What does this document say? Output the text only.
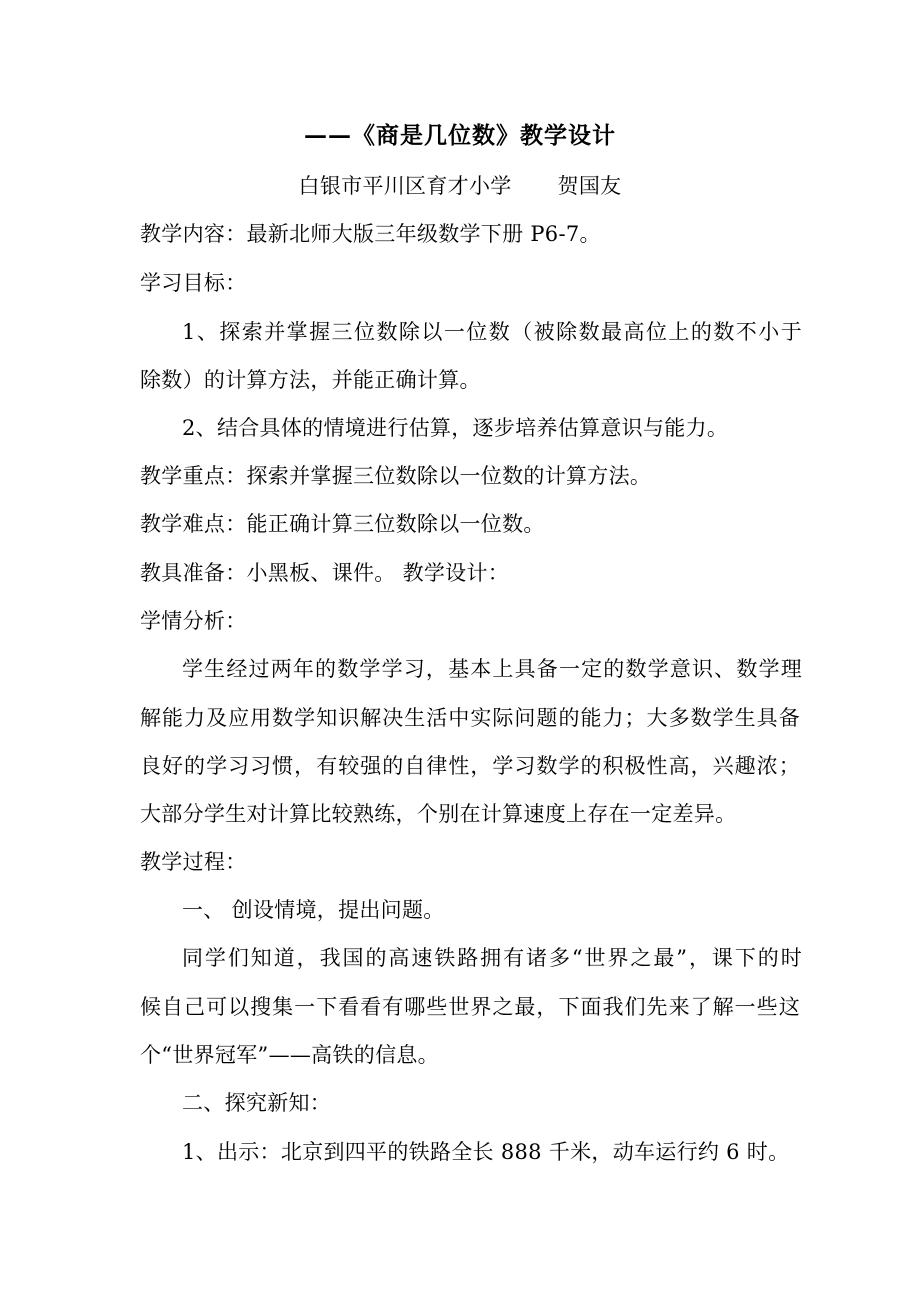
——《商是几位数》教学设计
白银市平川区育才小学 贺国友
教学内容：最新北师大版三年级数学下册 P6-7。
学习目标：
1、探索并掌握三位数除以一位数（被除数最高位上的数不小于
除数）的计算方法，并能正确计算。
2、结合具体的情境进行估算，逐步培养估算意识与能力。
教学重点：探索并掌握三位数除以一位数的计算方法。
教学难点：能正确计算三位数除以一位数。
教具准备：小黑板、课件。 教学设计：
学情分析：
学生经过两年的数学学习，基本上具备一定的数学意识、数学理
解能力及应用数学知识解决生活中实际问题的能力；大多数学生具备
良好的学习习惯，有较强的自律性，学习数学的积极性高，兴趣浓；
大部分学生对计算比较熟练，个别在计算速度上存在一定差异。
教学过程：
一、 创设情境，提出问题。
同学们知道，我国的高速铁路拥有诸多“世界之最”，课下的时
候自己可以搜集一下看看有哪些世界之最，下面我们先来了解一些这
个“世界冠军”——高铁的信息。
二、探究新知：
1、出示：北京到四平的铁路全长 888 千米，动车运行约 6 时。
